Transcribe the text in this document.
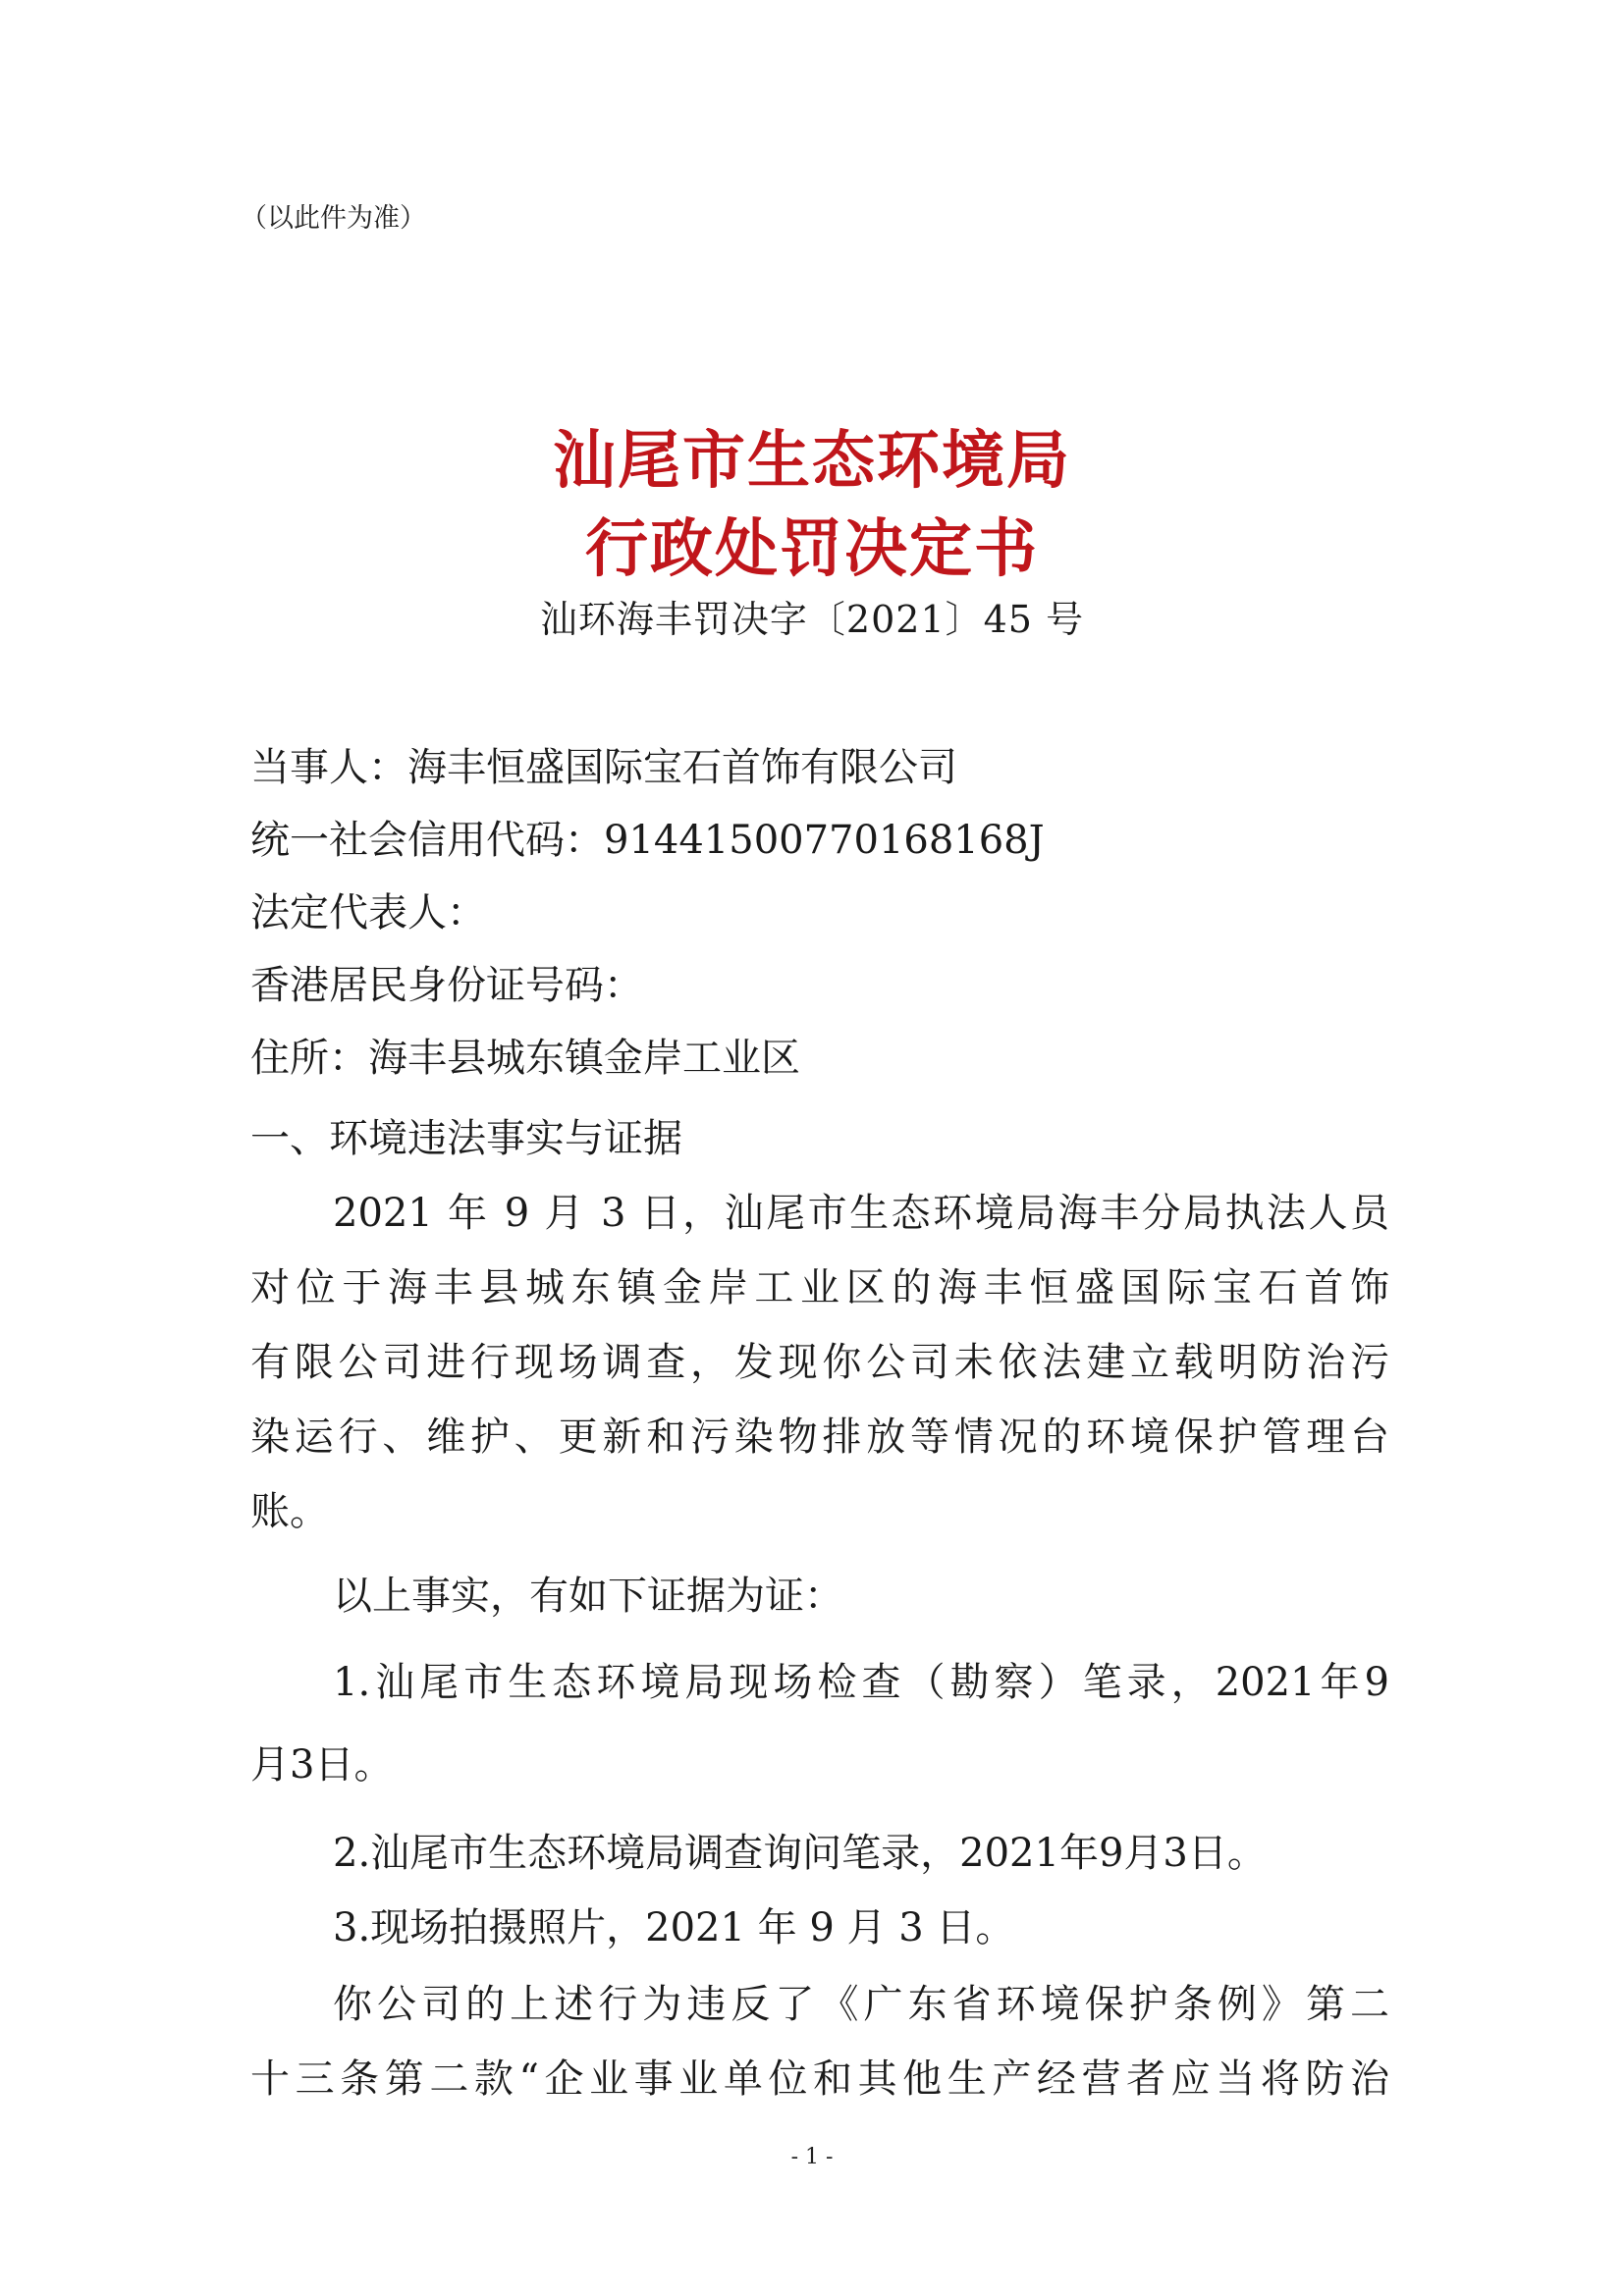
（以此件为准）
汕尾市生态环境局
行政处罚决定书
汕环海丰罚决字〔2021〕45 号
当事人：海丰恒盛国际宝石首饰有限公司
统一社会信用代码：91441500770168168J
法定代表人：
香港居民身份证号码：
住所：海丰县城东镇金岸工业区
一、环境违法事实与证据
2021 年 9 月 3 日，汕尾市生态环境局海丰分局执法人员
对位于海丰县城东镇金岸工业区的海丰恒盛国际宝石首饰
有限公司进行现场调查，发现你公司未依法建立载明防治污
染运行、维护、更新和污染物排放等情况的环境保护管理台
账。
以上事实，有如下证据为证：
1.汕尾市生态环境局现场检查（勘察）笔录，2021年9
月3日。
2.汕尾市生态环境局调查询问笔录，2021年9月3日。
3.现场拍摄照片，2021 年 9 月 3 日。
你公司的上述行为违反了《广东省环境保护条例》第二
十三条第二款“企业事业单位和其他生产经营者应当将防治
- 1 -
